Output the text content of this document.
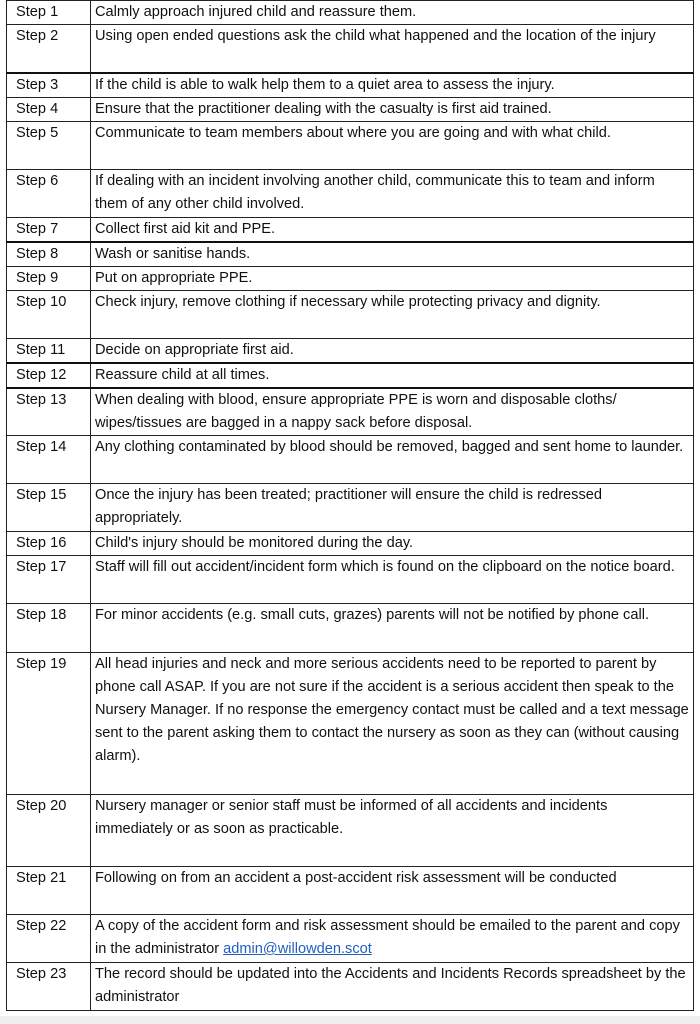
Step 1	Calmly approach injured child and reassure them.
Step 2	Using open ended questions ask the child what happened and the location of the injury
Step 3	If the child is able to walk help them to a quiet area to assess the injury.
Step 4	Ensure that the practitioner dealing with the casualty is first aid trained.
Step 5	Communicate to team members about where you are going and with what child.
Step 6	If dealing with an incident involving another child, communicate this to team and inform them of any other child involved.
Step 7	Collect first aid kit and PPE.
Step 8	Wash or sanitise hands.
Step 9	Put on appropriate PPE.
Step 10	Check injury, remove clothing if necessary while protecting privacy and dignity.
Step 11	Decide on appropriate first aid.
Step 12	Reassure child at all times.
Step 13	When dealing with blood, ensure appropriate PPE is worn and disposable cloths/ wipes/tissues are bagged in a nappy sack before disposal.
Step 14	Any clothing contaminated by blood should be removed, bagged and sent home to launder.
Step 15	Once the injury has been treated; practitioner will ensure the child is redressed appropriately.
Step 16	Child's injury should be monitored during the day.
Step 17	Staff will fill out accident/incident form which is found on the clipboard on the notice board.
Step 18	For minor accidents (e.g. small cuts, grazes) parents will not be notified by phone call.
Step 19	All head injuries and neck and more serious accidents need to be reported to parent by phone call ASAP. If you are not sure if the accident is a serious accident then speak to the Nursery Manager. If no response the emergency contact must be called and a text message sent to the parent asking them to contact the nursery as soon as they can (without causing alarm).
Step 20	Nursery manager or senior staff must be informed of all accidents and incidents immediately or as soon as practicable.
Step 21	Following on from an accident a post-accident risk assessment will be conducted
Step 22	A copy of the accident form and risk assessment should be emailed to the parent and copy in the administrator admin@willowden.scot
Step 23	The record should be updated into the Accidents and Incidents Records spreadsheet by the administrator
